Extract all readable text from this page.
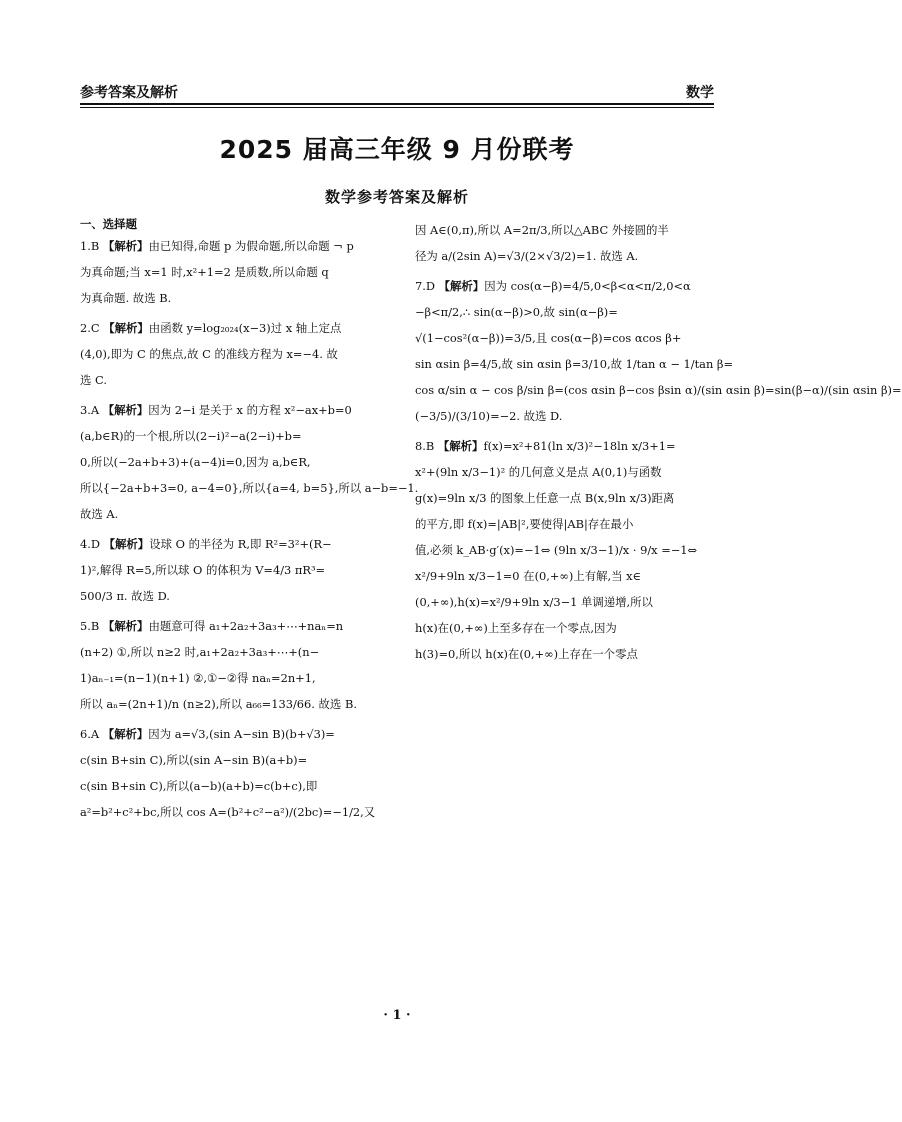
参考答案及解析	数学
2025 届高三年级 9 月份联考
数学参考答案及解析
一、选择题
1.B 【解析】由已知得,命题 p 为假命题,所以命题 ¬ p
为真命题;当 x=1 时,x²+1=2 是质数,所以命题 q
为真命题. 故选 B.
2.C 【解析】由函数 y=log₂₀₂₄(x−3)过 x 轴上定点
(4,0),即为 C 的焦点,故 C 的准线方程为 x=−4. 故
选 C.
3.A 【解析】因为 2−i 是关于 x 的方程 x²−ax+b=0
(a,b∈R)的一个根,所以(2−i)²−a(2−i)+b=
0,所以(−2a+b+3)+(a−4)i=0,因为 a,b∈R,
所以{−2a+b+3=0, a−4=0},所以{a=4, b=5},所以 a−b=−1.
故选 A.
4.D 【解析】设球 O 的半径为 R,即 R²=3²+(R−
1)²,解得 R=5,所以球 O 的体积为 V=4/3 πR³=
500/3 π. 故选 D.
5.B 【解析】由题意可得 a₁+2a₂+3a₃+⋯+naₙ=n
(n+2) ①,所以 n≥2 时,a₁+2a₂+3a₃+⋯+(n−
1)aₙ₋₁=(n−1)(n+1) ②,①−②得 naₙ=2n+1,
所以 aₙ=(2n+1)/n (n≥2),所以 a₆₆=133/66. 故选 B.
6.A 【解析】因为 a=√3,(sin A−sin B)(b+√3)=
c(sin B+sin C),所以(sin A−sin B)(a+b)=
c(sin B+sin C),所以(a−b)(a+b)=c(b+c),即
a²=b²+c²+bc,所以 cos A=(b²+c²−a²)/(2bc)=−1/2,又
因 A∈(0,π),所以 A=2π/3,所以△ABC 外接圆的半
径为 a/(2sin A)=√3/(2×√3/2)=1. 故选 A.
7.D 【解析】因为 cos(α−β)=4/5,0<β<α<π/2,0<α
−β<π/2,∴ sin(α−β)>0,故 sin(α−β)=
√(1−cos²(α−β))=3/5,且 cos(α−β)=cos αcos β+
sin αsin β=4/5,故 sin αsin β=3/10,故 1/tan α − 1/tan β=
cos α/sin α − cos β/sin β=(cos αsin β−cos βsin α)/(sin αsin β)=sin(β−α)/(sin αsin β)=
(−3/5)/(3/10)=−2. 故选 D.
8.B 【解析】f(x)=x²+81(ln x/3)²−18ln x/3+1=
x²+(9ln x/3−1)² 的几何意义是点 A(0,1)与函数
g(x)=9ln x/3 的图象上任意一点 B(x,9ln x/3)距离
的平方,即 f(x)=|AB|²,要使得|AB|存在最小
值,必须 k_AB·g′(x)=−1⇔ (9ln x/3−1)/x · 9/x =−1⇔
x²/9+9ln x/3−1=0 在(0,+∞)上有解,当 x∈
(0,+∞),h(x)=x²/9+9ln x/3−1 单调递增,所以
h(x)在(0,+∞)上至多存在一个零点,因为
h(3)=0,所以 h(x)在(0,+∞)上存在一个零点
· 1 ·
